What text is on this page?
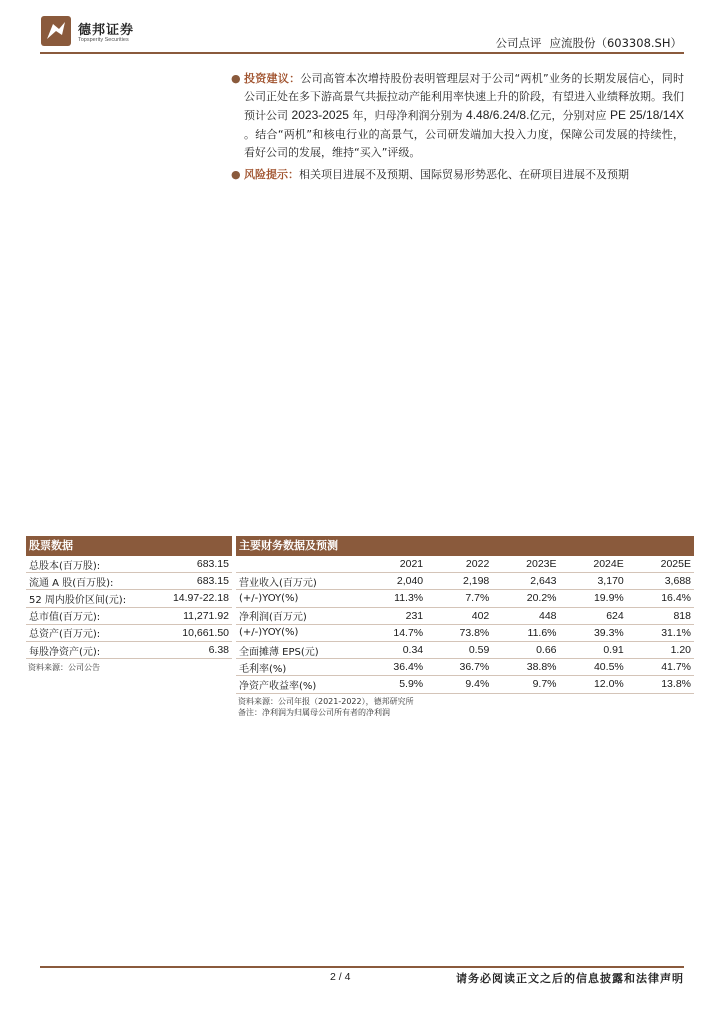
德邦证券
Topsperity Securities	公司点评 应流股份（603308.SH）
● 投资建议：公司高管本次增持股份表明管理层对于公司“两机”业务的长期发展信心，同时公司正处在多下游高景气共振拉动产能利用率快速上升的阶段，有望进入业绩释放期。我们预计公司 2023-2025 年，归母净利润分别为 4.48/6.24/8.亿元，分别对应 PE 25/18/14X 。结合“两机”和核电行业的高景气，公司研发端加大投入力度，保障公司发展的持续性，看好公司的发展，维持“买入”评级。
● 风险提示：相关项目进展不及预期、国际贸易形势恶化、在研项目进展不及预期
股票数据
总股本(百万股):	683.15
流通 A 股(百万股):	683.15
52 周内股价区间(元):	14.97-22.18
总市值(百万元):	11,271.92
总资产(百万元):	10,661.50
每股净资产(元):	6.38
资料来源：公司公告
主要财务数据及预测
	2021	2022	2023E	2024E	2025E
营业收入(百万元)	2,040	2,198	2,643	3,170	3,688
(+/-)YOY(%)	11.3%	7.7%	20.2%	19.9%	16.4%
净利润(百万元)	231	402	448	624	818
(+/-)YOY(%)	14.7%	73.8%	11.6%	39.3%	31.1%
全面摊薄 EPS(元)	0.34	0.59	0.66	0.91	1.20
毛利率(%)	36.4%	36.7%	38.8%	40.5%	41.7%
净资产收益率(%)	5.9%	9.4%	9.7%	12.0%	13.8%
资料来源：公司年报（2021-2022），德邦研究所
备注：净利润为归属母公司所有者的净利润
2 / 4	请务必阅读正文之后的信息披露和法律声明
